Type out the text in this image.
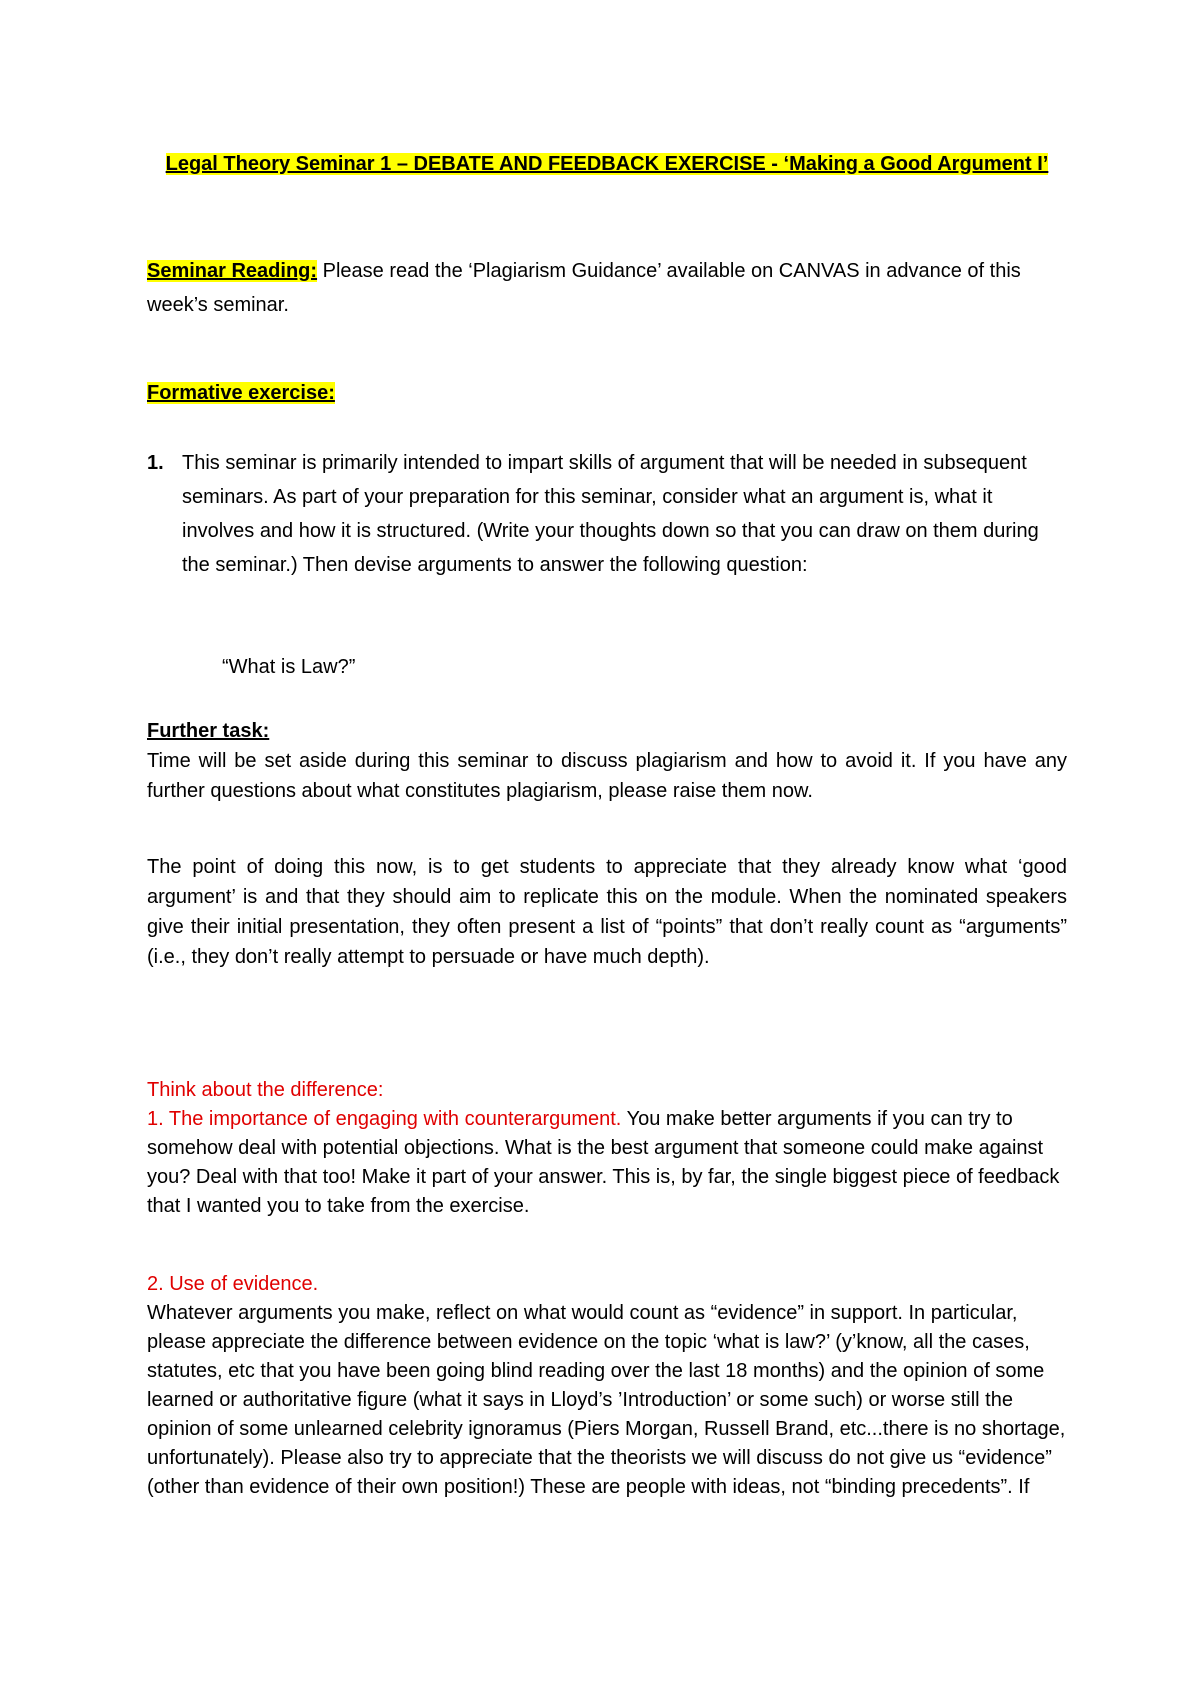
Legal Theory Seminar 1 – DEBATE AND FEEDBACK EXERCISE - ‘Making a Good Argument I’
Seminar Reading: Please read the ‘Plagiarism Guidance’ available on CANVAS in advance of this week’s seminar.
Formative exercise:
1. This seminar is primarily intended to impart skills of argument that will be needed in subsequent seminars. As part of your preparation for this seminar, consider what an argument is, what it involves and how it is structured. (Write your thoughts down so that you can draw on them during the seminar.) Then devise arguments to answer the following question:
“What is Law?”
Further task:
Time will be set aside during this seminar to discuss plagiarism and how to avoid it. If you have any further questions about what constitutes plagiarism, please raise them now.
The point of doing this now, is to get students to appreciate that they already know what ‘good argument’ is and that they should aim to replicate this on the module. When the nominated speakers give their initial presentation, they often present a list of “points” that don’t really count as “arguments” (i.e., they don’t really attempt to persuade or have much depth).
Think about the difference:
1. The importance of engaging with counterargument. You make better arguments if you can try to somehow deal with potential objections. What is the best argument that someone could make against you? Deal with that too! Make it part of your answer. This is, by far, the single biggest piece of feedback that I wanted you to take from the exercise.
2. Use of evidence.
Whatever arguments you make, reflect on what would count as “evidence” in support. In particular, please appreciate the difference between evidence on the topic ‘what is law?’ (y’know, all the cases, statutes, etc that you have been going blind reading over the last 18 months) and the opinion of some learned or authoritative figure (what it says in Lloyd’s ’Introduction’ or some such) or worse still the opinion of some unlearned celebrity ignoramus (Piers Morgan, Russell Brand, etc...there is no shortage, unfortunately). Please also try to appreciate that the theorists we will discuss do not give us “evidence” (other than evidence of their own position!) These are people with ideas, not “binding precedents”. If
